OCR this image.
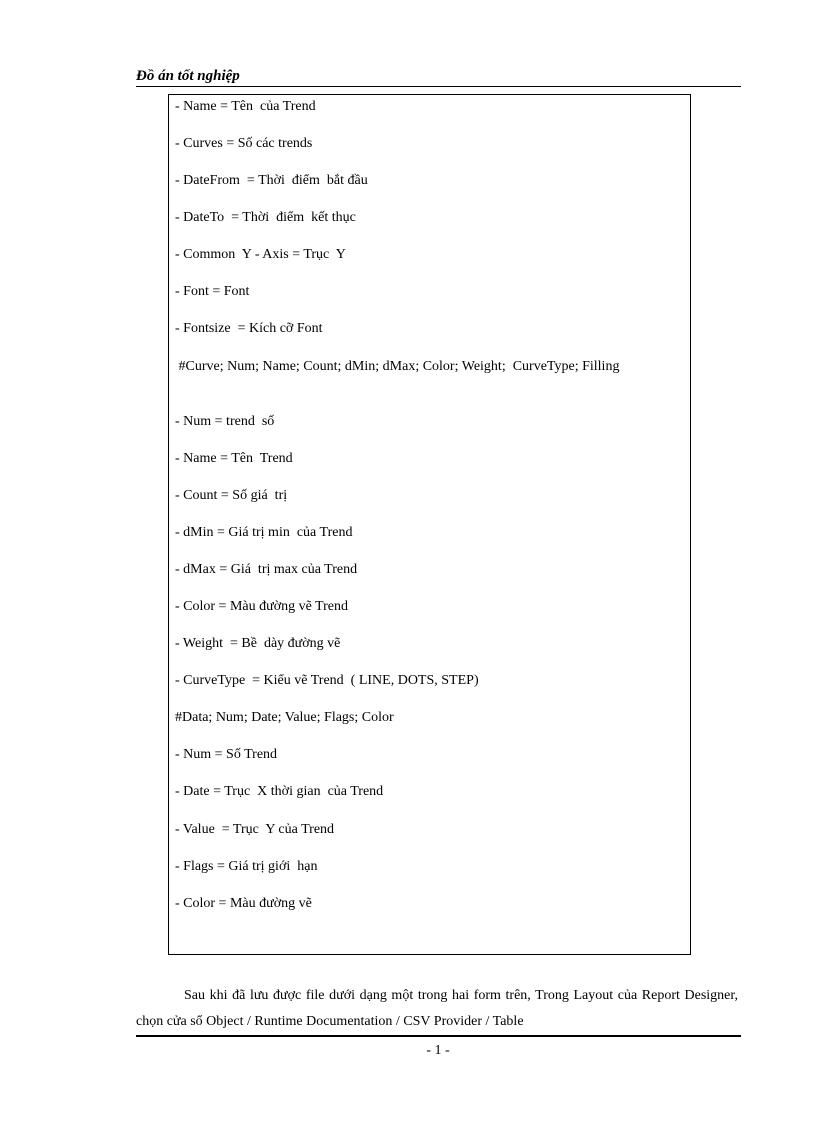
Đồ án tốt nghiệp
- Name = Tên  của Trend
- Curves = Số các trends
- DateFrom  = Thời  điểm  bắt đầu
- DateTo  = Thời  điểm  kết thục
- Common  Y - Axis = Trục  Y
- Font = Font
- Fontsize  = Kích cỡ Font
#Curve; Num; Name; Count; dMin; dMax; Color; Weight;  CurveType; Filling
- Num = trend  số
- Name = Tên  Trend
- Count = Số giá  trị
- dMin = Giá trị min  của Trend
- dMax = Giá  trị max của Trend
- Color = Màu đường vẽ Trend
- Weight  = Bề  dày đường vẽ
- CurveType  = Kiểu vẽ Trend  ( LINE, DOTS, STEP)
#Data; Num; Date; Value; Flags; Color
- Num = Số Trend
- Date = Trục  X thời gian  của Trend
- Value  = Trục  Y của Trend
- Flags = Giá trị giới  hạn
- Color = Màu đường vẽ
Sau khi đã lưu được file dưới dạng một trong hai form trên, Trong Layout của Report Designer, chọn cửa sổ Object / Runtime Documentation / CSV Provider / Table
- 1 -
